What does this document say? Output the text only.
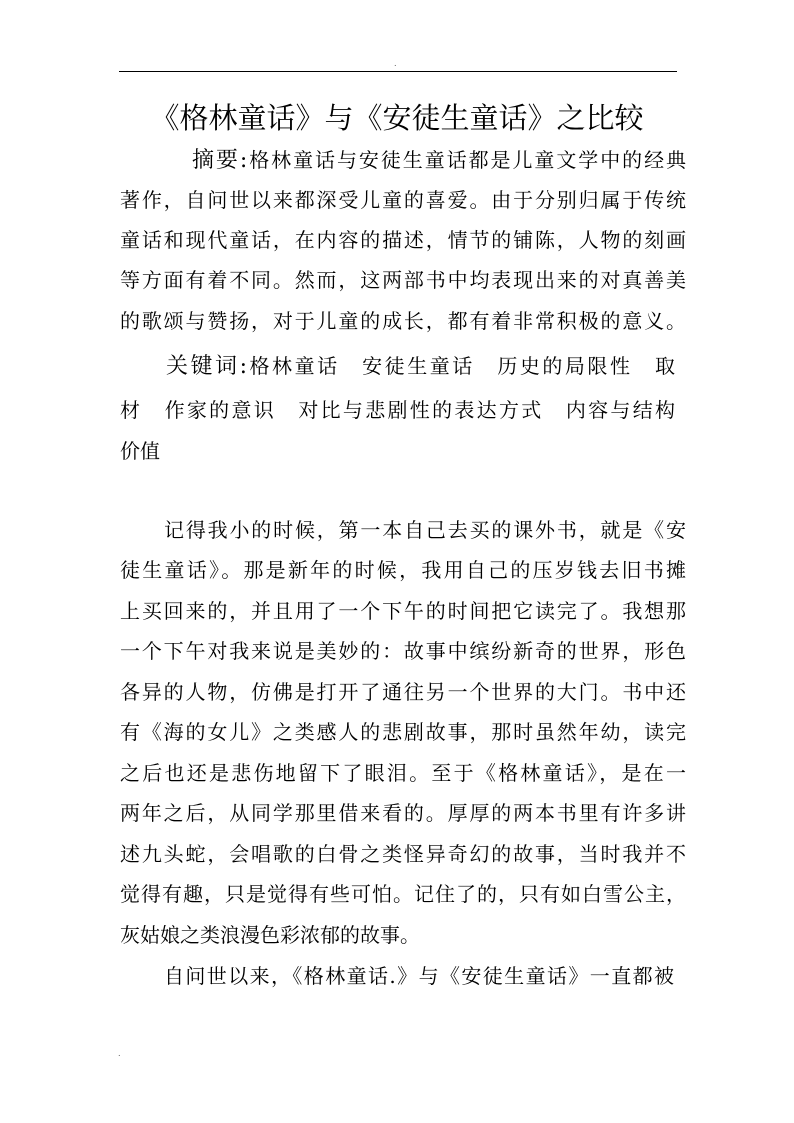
.
《格林童话》与《安徒生童话》之比较
摘要:格林童话与安徒生童话都是儿童文学中的经典
著作，自问世以来都深受儿童的喜爱。由于分别归属于传统
童话和现代童话，在内容的描述，情节的铺陈，人物的刻画
等方面有着不同。然而，这两部书中均表现出来的对真善美
的歌颂与赞扬，对于儿童的成长，都有着非常积极的意义。
关键词:格林童话　安徒生童话　历史的局限性　取
材　作家的意识　对比与悲剧性的表达方式　内容与结构
价值
记得我小的时候，第一本自己去买的课外书，就是《安
徒生童话》。那是新年的时候，我用自己的压岁钱去旧书摊
上买回来的，并且用了一个下午的时间把它读完了。我想那
一个下午对我来说是美妙的：故事中缤纷新奇的世界，形色
各异的人物，仿佛是打开了通往另一个世界的大门。书中还
有《海的女儿》之类感人的悲剧故事，那时虽然年幼，读完
之后也还是悲伤地留下了眼泪。至于《格林童话》，是在一
两年之后，从同学那里借来看的。厚厚的两本书里有许多讲
述九头蛇，会唱歌的白骨之类怪异奇幻的故事，当时我并不
觉得有趣，只是觉得有些可怕。记住了的，只有如白雪公主，
灰姑娘之类浪漫色彩浓郁的故事。
自问世以来，《格林童话.》与《安徒生童话》一直都被
.
